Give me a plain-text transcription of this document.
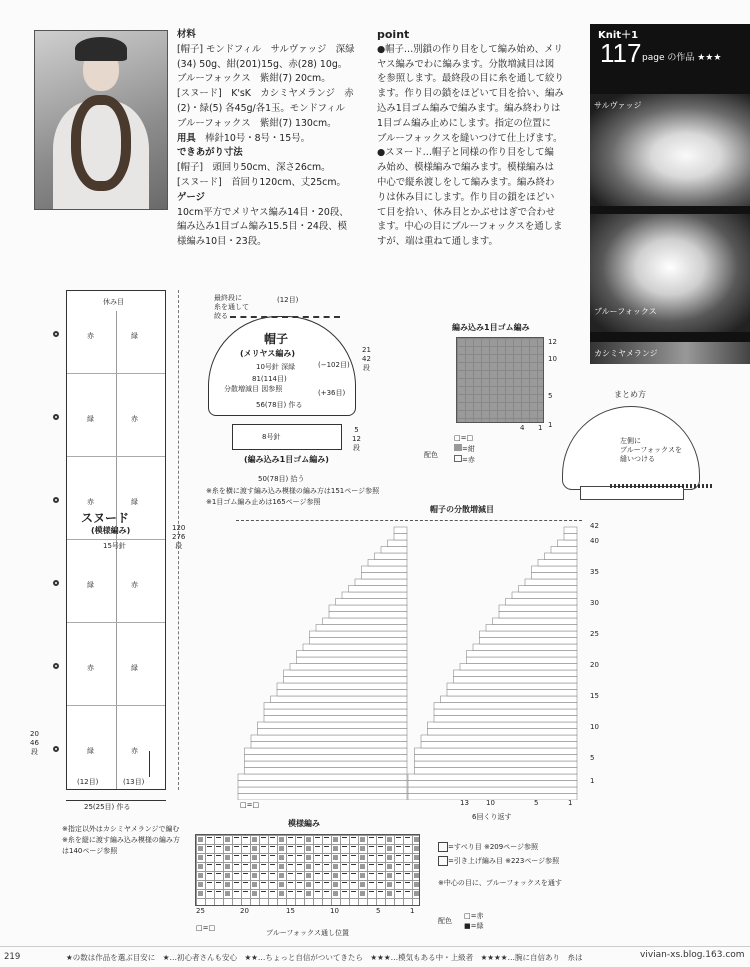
材料
[帽子] モンドフィル　サルヴァッジ　深緑
(34) 50g、紺(201)15g、赤(28) 10g。
ブルーフォックス　紫紺(7) 20cm。
[スヌード]　K'sK　カシミヤメランジ　赤
(2)・緑(5) 各45g/各1玉。モンドフィル
ブルーフォックス　紫紺(7) 130cm。
用具　 棒針10号・8号・15号。
できあがり寸法
[帽子]　頭回り50cm、深さ26cm。
[スヌード]　首回り120cm、丈25cm。
ゲージ
10cm平方でメリヤス編み14目・20段、
編み込み1目ゴム編み15.5目・24段、模
様編み10目・23段。
point
●帽子…別鎖の作り目をして編み始め、メリ
ヤス編みでわに編みます。分散増減目は図
を参照します。最終段の目に糸を通して絞り
ます。作り目の鎖をほどいて目を拾い、編み
込み1目ゴム編みで編みます。編み終わりは
1目ゴム編み止めにします。指定の位置に
ブルーフォックスを縫いつけて仕上げます。
●スヌード…帽子と同様の作り目をして編
み始め、模様編みで編みます。模様編みは
中心で縦糸渡しをして編みます。編み終わ
りは休み目にします。作り目の鎖をほどい
て目を拾い、休み目とかぶせはぎで合わせ
ます。中心の目にブルーフォックスを通しま
すが、端は重ねて通します。
Knit＋1
117 page の作品 ★★★
サルヴァッジ
ブルーフォックス
カシミヤメランジ
休み目
赤	緑
緑	赤
赤	緑
緑	赤
赤	緑
緑	赤
スヌード
(模様編み)
15号針
(12目)	(13目)
120
276
段
20
46
段
25(25目) 作る
※指定以外はカシミヤメランジで編む
※糸を縦に渡す編み込み模様の編み方
は140ページ参照
最終段に
糸を通して
絞る
(12目)
帽子
(メリヤス編み)
10号針 深緑
81(114目)
(−102目)
分散増減目 図参照	(+36目)
56(78目) 作る
21
42
段
8号針
5
12
段
(編み込み1目ゴム編み)
50(78目) 拾う
※糸を横に渡す編み込み模様の編み方は151ページ参照
※1目ゴム編み止めは165ページ参照
編み込み1目ゴム編み
12
10
5
1
4 1
配色
□=□
=紺
=赤
まとめ方
左側に
ブルーフォックスを
縫いつける
帽子の分散増減目
42
40
35
30
25
20
15
10
5
1
13 10	5	1
6回くり返す
□=□
模様編み
25	20	15	10	5	1
ブルーフォックス通し位置
□=□
=すべり目 ※209ページ参照
=引き上げ編み目 ※223ページ参照
※中心の目に、ブルーフォックスを通す
配色
□=赤
■=緑
219	★の数は作品を選ぶ目安に　★…初心者さんも安心　★★…ちょっと自信がついてきたら　★★★…模気もある中・上級者　★★★★…腕に自信あり　糸は	vivian-xs.blog.163.com
